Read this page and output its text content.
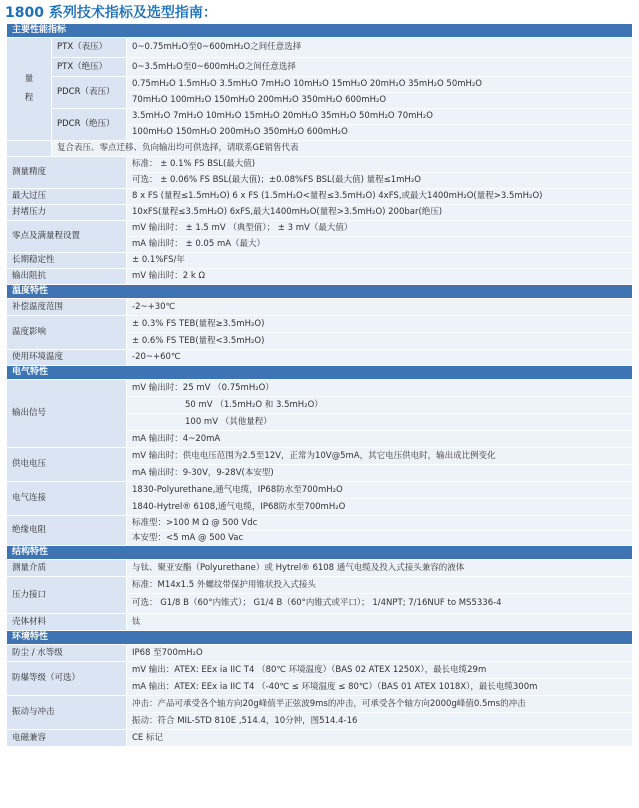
1800 系列技术指标及选型指南：
主要性能指标		

量
程	PTX（表压）	0~0.75mH₂O至0~600mH₂O之间任意选择
	PTX（绝压）	0~3.5mH₂O至0~600mH₂O之间任意选择
	PDCR（表压）	0.75mH₂O 1.5mH₂O 3.5mH₂O 7mH₂O 10mH₂O 15mH₂O 20mH₂O 35mH₂O 50mH₂O
		70mH₂O 100mH₂O 150mH₂O 200mH₂O 350mH₂O 600mH₂O
	PDCR（绝压）	3.5mH₂O 7mH₂O 10mH₂O 15mH₂O 20mH₂O 35mH₂O 50mH₂O 70mH₂O
		100mH₂O 150mH₂O 200mH₂O 350mH₂O 600mH₂O
	复合表压、零点迁移、负向输出均可供选择，请联系GE销售代表	
测量精度		标准： ± 0.1% FS BSL(最大值)
		可选： ± 0.06% FS BSL(最大值)；±0.08%FS BSL(最大值) 量程≤1mH₂O
最大过压		8 x FS (量程≤1.5mH₂O) 6 x FS (1.5mH₂O<量程≤3.5mH₂O) 4xFS,或最大1400mH₂O(量程>3.5mH₂O)
封堵压力		10xFS(量程≤3.5mH₂O) 6xFS,最大1400mH₂O(量程>3.5mH₂O) 200bar(绝压)
零点及满量程设置		mV 输出时： ± 1.5 mV （典型值）； ± 3 mV（最大值）
		mA 输出时： ± 0.05 mA（最大）
长期稳定性		± 0.1%FS/年
输出阻抗		mV 输出时：2 k Ω
温度特性		
补偿温度范围		-2~+30℃
温度影响		± 0.3% FS TEB(量程≥3.5mH₂O)
		± 0.6% FS TEB(量程<3.5mH₂O)
使用环境温度		-20~+60℃
电气特性		
输出信号		mV 输出时：25 mV （0.75mH₂O）
		50 mV （1.5mH₂O 和 3.5mH₂O）
		100 mV （其他量程）
		mA 输出时：4~20mA
供电电压		mV 输出时：供电电压范围为2.5至12V，正常为10V@5mA，其它电压供电时，输出成比例变化
		mA 输出时：9-30V，9-28V(本安型)
电气连接		1830-Polyurethane,通气电缆，IP68防水至700mH₂O
		1840-Hytrel® 6108,通气电缆，IP68防水至700mH₂O
绝缘电阻		标准型：>100 M Ω @ 500 Vdc
		本安型：<5 mA @ 500 Vac
结构特性		
测量介质		与钛、聚亚安酯（Polyurethane）或 Hytrel® 6108 通气电缆及投入式接头兼容的液体
压力接口		标准：M14x1.5 外螺纹带保护用锥状投入式接头
		可选： G1/8 B（60°内锥式）； G1/4 B（60°内锥式或平口）； 1/4NPT; 7/16NUF to MS5336-4
壳体材料		钛
环境特性		
防尘 / 水等级		IP68 至700mH₂O
防爆等级（可选）		mV 输出：ATEX: EEx ia IIC T4 （80℃ 环境温度）（BAS 02 ATEX 1250X），最长电缆29m
		mA 输出：ATEX: EEx ia IIC T4 （-40℃ ≤ 环境温度 ≤ 80℃）（BAS 01 ATEX 1018X），最长电缆300m
振动与冲击		冲击：产品可承受各个轴方向20g峰值半正弦波9ms的冲击，可承受各个轴方向2000g峰值0.5ms的冲击
		振动：符合 MIL-STD 810E ,514.4，10分钟，图514.4-16
电磁兼容		CE 标记
